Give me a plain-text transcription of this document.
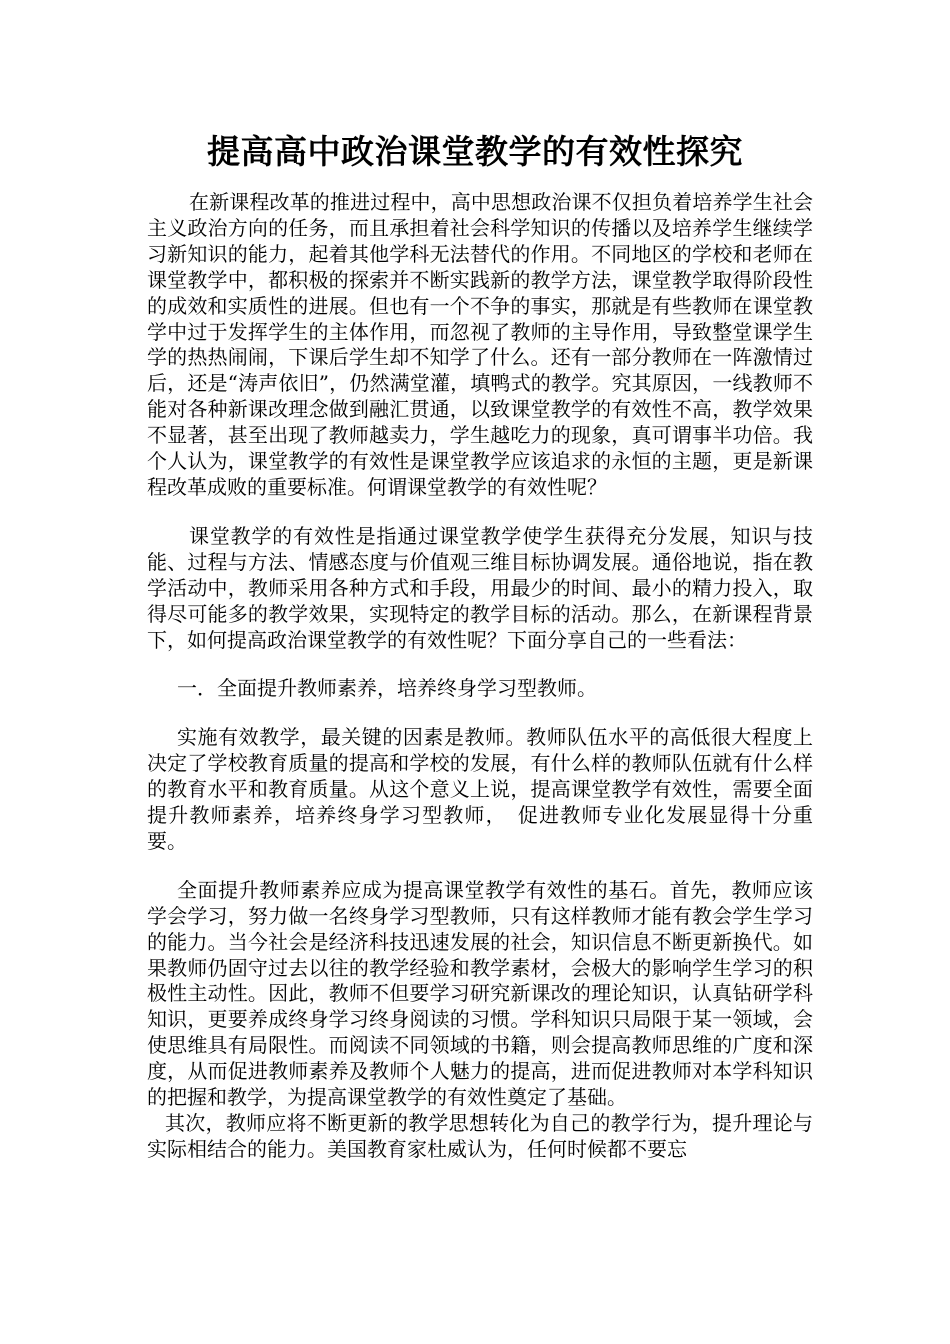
提高高中政治课堂教学的有效性探究

在新课程改革的推进过程中，高中思想政治课不仅担负着培养学生社会主义政治方向的任务，而且承担着社会科学知识的传播以及培养学生继续学习新知识的能力，起着其他学科无法替代的作用。不同地区的学校和老师在课堂教学中，都积极的探索并不断实践新的教学方法，课堂教学取得阶段性的成效和实质性的进展。但也有一个不争的事实，那就是有些教师在课堂教学中过于发挥学生的主体作用，而忽视了教师的主导作用，导致整堂课学生学的热热闹闹，下课后学生却不知学了什么。还有一部分教师在一阵激情过后，还是“涛声依旧”，仍然满堂灌，填鸭式的教学。究其原因，一线教师不能对各种新课改理念做到融汇贯通，以致课堂教学的有效性不高，教学效果不显著，甚至出现了教师越卖力，学生越吃力的现象，真可谓事半功倍。我个人认为，课堂教学的有效性是课堂教学应该追求的永恒的主题，更是新课程改革成败的重要标准。何谓课堂教学的有效性呢？

课堂教学的有效性是指通过课堂教学使学生获得充分发展，知识与技能、过程与方法、情感态度与价值观三维目标协调发展。通俗地说，指在教学活动中，教师采用各种方式和手段，用最少的时间、最小的精力投入，取得尽可能多的教学效果，实现特定的教学目标的活动。那么，在新课程背景下，如何提高政治课堂教学的有效性呢？下面分享自己的一些看法：

一．全面提升教师素养，培养终身学习型教师。

实施有效教学，最关键的因素是教师。教师队伍水平的高低很大程度上决定了学校教育质量的提高和学校的发展，有什么样的教师队伍就有什么样的教育水平和教育质量。从这个意义上说，提高课堂教学有效性，需要全面提升教师素养，培养终身学习型教师，　促进教师专业化发展显得十分重要。

全面提升教师素养应成为提高课堂教学有效性的基石。首先，教师应该学会学习，努力做一名终身学习型教师，只有这样教师才能有教会学生学习的能力。当今社会是经济科技迅速发展的社会，知识信息不断更新换代。如果教师仍固守过去以往的教学经验和教学素材，会极大的影响学生学习的积极性主动性。因此，教师不但要学习研究新课改的理论知识，认真钻研学科知识，更要养成终身学习终身阅读的习惯。学科知识只局限于某一领域，会使思维具有局限性。而阅读不同领域的书籍，则会提高教师思维的广度和深度，从而促进教师素养及教师个人魅力的提高，进而促进教师对本学科知识的把握和教学，为提高课堂教学的有效性奠定了基础。

其次，教师应将不断更新的教学思想转化为自己的教学行为，提升理论与实际相结合的能力。美国教育家杜威认为，任何时候都不要忘
